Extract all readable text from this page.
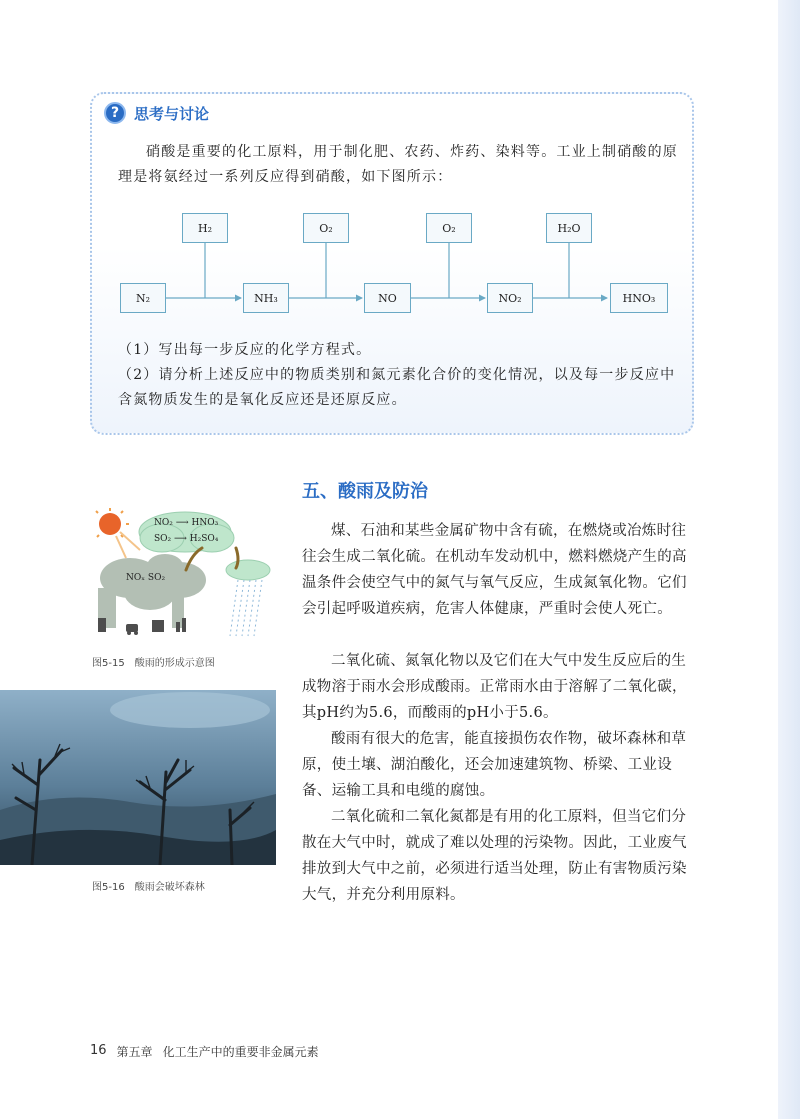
? 思考与讨论

硝酸是重要的化工原料，用于制化肥、农药、炸药、染料等。工业上制硝酸的原理是将氨经过一系列反应得到硝酸，如下图所示：

H₂	O₂	O₂	H₂O
N₂	NH₃	NO	NO₂	HNO₃

（1）写出每一步反应的化学方程式。

（2）请分析上述反应中的物质类别和氮元素化合价的变化情况，以及每一步反应中含氮物质发生的是氧化反应还是还原反应。

五、酸雨及防治

煤、石油和某些金属矿物中含有硫，在燃烧或冶炼时往往会生成二氧化硫。在机动车发动机中，燃料燃烧产生的高温条件会使空气中的氮气与氧气反应，生成氮氧化物。它们会引起呼吸道疾病，危害人体健康，严重时会使人死亡。

二氧化硫、氮氧化物以及它们在大气中发生反应后的生成物溶于雨水会形成酸雨。正常雨水由于溶解了二氧化碳，其pH约为5.6，而酸雨的pH小于5.6。

酸雨有很大的危害，能直接损伤农作物，破坏森林和草原，使土壤、湖泊酸化，还会加速建筑物、桥梁、工业设备、运输工具和电缆的腐蚀。

二氧化硫和二氧化氮都是有用的化工原料，但当它们分散在大气中时，就成了难以处理的污染物。因此，工业废气排放到大气中之前，必须进行适当处理，防止有害物质污染大气，并充分利用原料。

NO₂ ⟶ HNO₃
SO₂ ⟶ H₂SO₄
NOₓ SO₂
图5-15　酸雨的形成示意图
图5-16　酸雨会破坏森林
16 第五章 化工生产中的重要非金属元素
